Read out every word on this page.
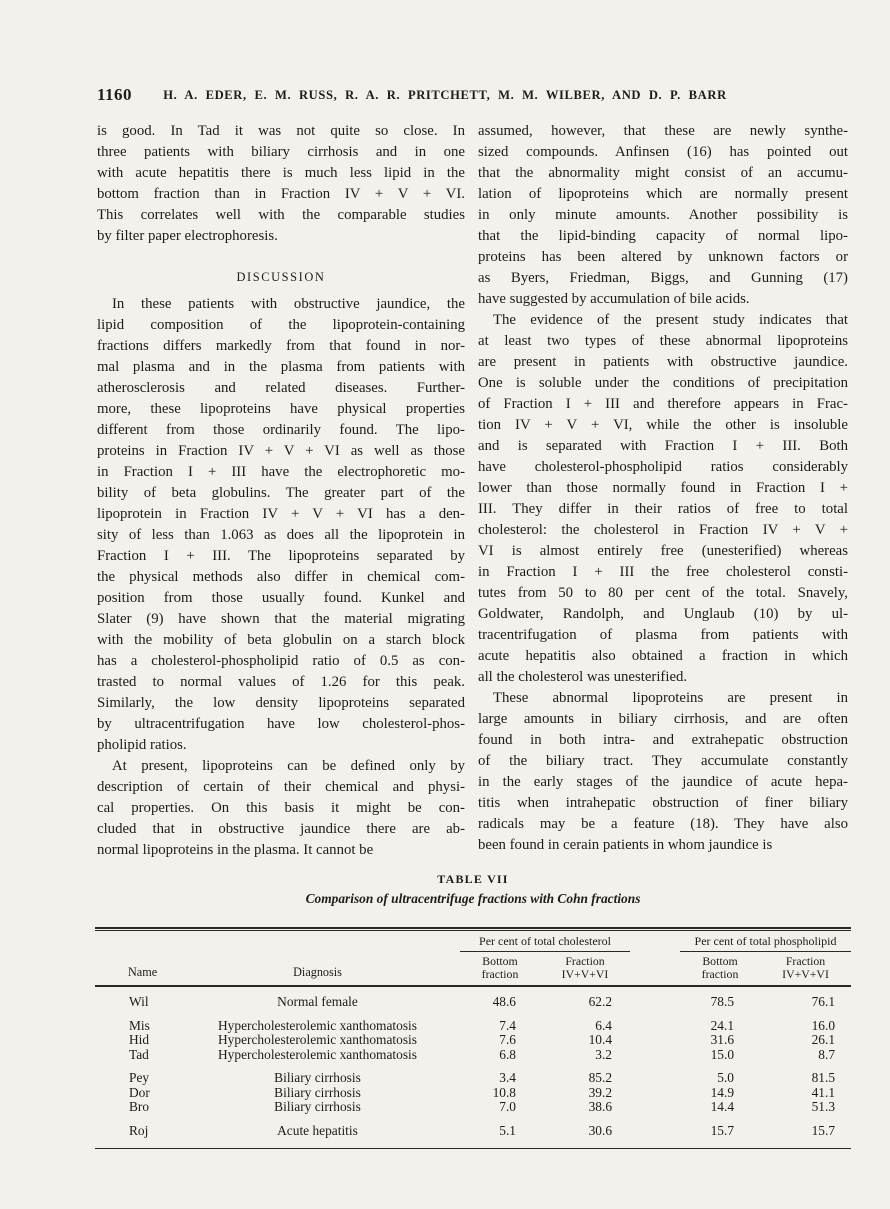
1160	H. A. EDER, E. M. RUSS, R. A. R. PRITCHETT, M. M. WILBER, AND D. P. BARR
is good. In Tad it was not quite so close. In
three patients with biliary cirrhosis and in one
with acute hepatitis there is much less lipid in the
bottom fraction than in Fraction IV + V + VI.
This correlates well with the comparable studies
by filter paper electrophoresis.
DISCUSSION
In these patients with obstructive jaundice, the
lipid composition of the lipoprotein-containing
fractions differs markedly from that found in nor-
mal plasma and in the plasma from patients with
atherosclerosis and related diseases. Further-
more, these lipoproteins have physical properties
different from those ordinarily found. The lipo-
proteins in Fraction IV + V + VI as well as those
in Fraction I + III have the electrophoretic mo-
bility of beta globulins. The greater part of the
lipoprotein in Fraction IV + V + VI has a den-
sity of less than 1.063 as does all the lipoprotein in
Fraction I + III. The lipoproteins separated by
the physical methods also differ in chemical com-
position from those usually found. Kunkel and
Slater (9) have shown that the material migrating
with the mobility of beta globulin on a starch block
has a cholesterol-phospholipid ratio of 0.5 as con-
trasted to normal values of 1.26 for this peak.
Similarly, the low density lipoproteins separated
by ultracentrifugation have low cholesterol-phos-
pholipid ratios.
At present, lipoproteins can be defined only by
description of certain of their chemical and physi-
cal properties. On this basis it might be con-
cluded that in obstructive jaundice there are ab-
normal lipoproteins in the plasma. It cannot be
assumed, however, that these are newly synthe-
sized compounds. Anfinsen (16) has pointed out
that the abnormality might consist of an accumu-
lation of lipoproteins which are normally present
in only minute amounts. Another possibility is
that the lipid-binding capacity of normal lipo-
proteins has been altered by unknown factors or
as Byers, Friedman, Biggs, and Gunning (17)
have suggested by accumulation of bile acids.
The evidence of the present study indicates that
at least two types of these abnormal lipoproteins
are present in patients with obstructive jaundice.
One is soluble under the conditions of precipitation
of Fraction I + III and therefore appears in Frac-
tion IV + V + VI, while the other is insoluble
and is separated with Fraction I + III. Both
have cholesterol-phospholipid ratios considerably
lower than those normally found in Fraction I +
III. They differ in their ratios of free to total
cholesterol: the cholesterol in Fraction IV + V +
VI is almost entirely free (unesterified) whereas
in Fraction I + III the free cholesterol consti-
tutes from 50 to 80 per cent of the total. Snavely,
Goldwater, Randolph, and Unglaub (10) by ul-
tracentrifugation of plasma from patients with
acute hepatitis also obtained a fraction in which
all the cholesterol was unesterified.
These abnormal lipoproteins are present in
large amounts in biliary cirrhosis, and are often
found in both intra- and extrahepatic obstruction
of the biliary tract. They accumulate constantly
in the early stages of the jaundice of acute hepa-
titis when intrahepatic obstruction of finer biliary
radicals may be a feature (18). They have also
been found in cerain patients in whom jaundice is
TABLE VII
Comparison of ultracentrifuge fractions with Cohn fractions
Name	Diagnosis	Per cent of total cholesterol			Per cent of total phospholipid	

Bottom
fraction

Fraction
IV+V+VI

Bottom
fraction

Fraction
IV+V+VI

Wil	Normal female	48.6	62.2		78.5	76.1

Mis	Hypercholesterolemic xanthomatosis	7.4	6.4		24.1	16.0
Hid	Hypercholesterolemic xanthomatosis	7.6	10.4		31.6	26.1
Tad	Hypercholesterolemic xanthomatosis	6.8	3.2		15.0	8.7

Pey	Biliary cirrhosis	3.4	85.2		5.0	81.5
Dor	Biliary cirrhosis	10.8	39.2		14.9	41.1
Bro	Biliary cirrhosis	7.0	38.6		14.4	51.3

Roj	Acute hepatitis	5.1	30.6		15.7	15.7
